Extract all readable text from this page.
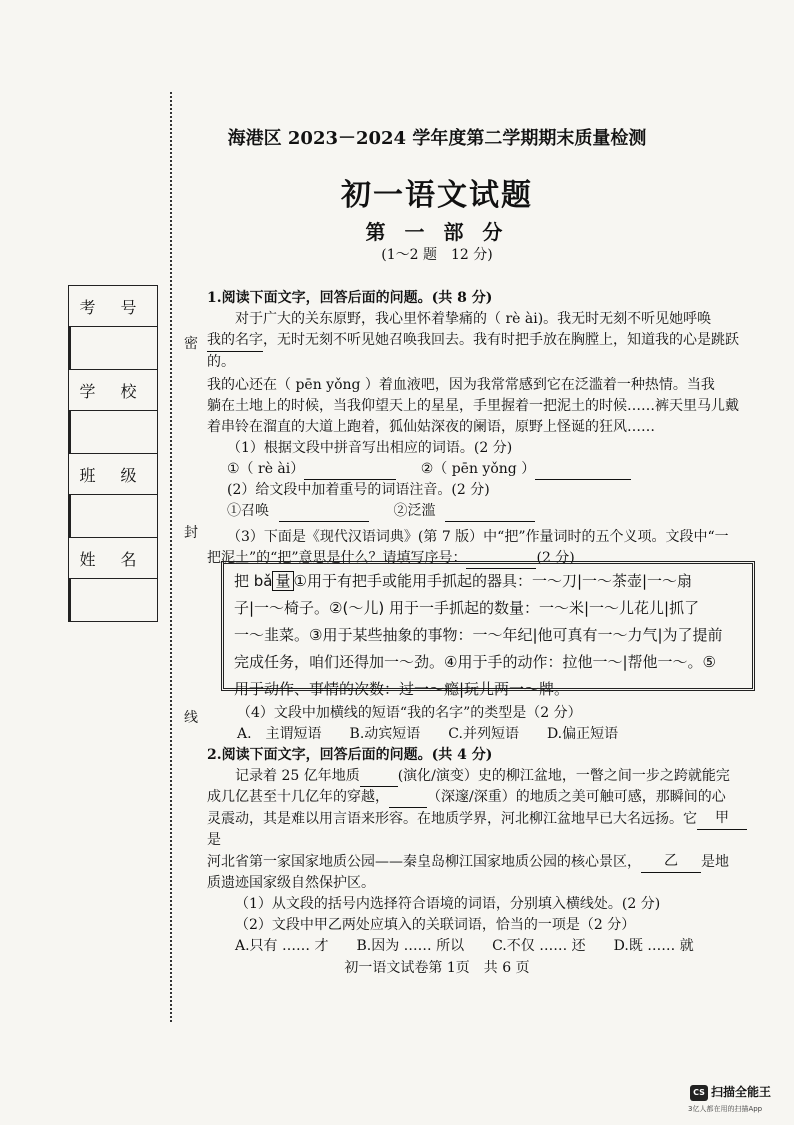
密
封
线
考 号

学 校

班 级

姓 名

海港区 2023－2024 学年度第二学期期末质量检测
初一语文试题
第 一 部 分
(1～2 题　12 分)
1.阅读下面文字，回答后面的问题。(共 8 分)
对于广大的关东原野，我心里怀着挚痛的（ rè ài)。我无时无刻不听见她呼唤
我的名字，无时无刻不听见她召唤我回去。我有时把手放在胸膛上，知道我的心是跳跃的。
我的心还在（ pēn yǒng ）着血液吧，因为我常常感到它在泛滥着一种热情。当我
躺在土地上的时候，当我仰望天上的星星，手里握着一把泥土的时候……裤天里马儿戴
着串铃在溜直的大道上跑着，狐仙姑深夜的阑语，原野上怪诞的狂风……
（1）根据文段中拼音写出相应的词语。(2 分)
①（ rè ài）	②（ pēn yǒng ）
(2）给文段中加着重号的词语注音。(2 分)
①召唤	②泛滥
（3）下面是《现代汉语词典》(第 7 版）中“把”作量词时的五个义项。文段中“一
把泥土”的“把”意思是什么？请填写序号：	(2 分)
把 bǎ 量 ①用于有把手或能用手抓起的器具：一～刀|一～茶壶|一～扇
子|一～椅子。②(～儿) 用于一手抓起的数量：一～米|一～儿花儿|抓了
一～韭菜。③用于某些抽象的事物：一～年纪|他可真有一～力气|为了提前
完成任务，咱们还得加一～劲。④用于手的动作：拉他一～|帮他一～。⑤
用于动作、事情的次数：过一～瘾|玩儿两一～牌。
（4）文段中加横线的短语“我的名字”的类型是（2 分）
A.　主谓短语　　B.动宾短语　　C.并列短语　　D.偏正短语
2.阅读下面文字，回答后面的问题。(共 4 分)
记录着 25 亿年地质	(演化/演变）史的柳江盆地，一瞥之间一步之跨就能完
成几亿甚至十几亿年的穿越，	（深邃/深重）的地质之美可触可感，那瞬间的心
灵震动，其是难以用言语来形容。在地质学界，河北柳江盆地早已大名远扬。它 甲是
河北省第一家国家地质公园——秦皇岛柳江国家地质公园的核心景区， 乙 是地
质遗迹国家级自然保护区。
（1）从文段的括号内选择符合语境的词语，分别填入横线处。(2 分)
（2）文段中甲乙两处应填入的关联词语，恰当的一项是（2 分）
A.只有 …… 才　　B.因为 …… 所以　　C.不仅 …… 还　　D.既 …… 就
初一语文试卷第 1页　共 6 页
CS 扫描全能王
3亿人都在用的扫描App
